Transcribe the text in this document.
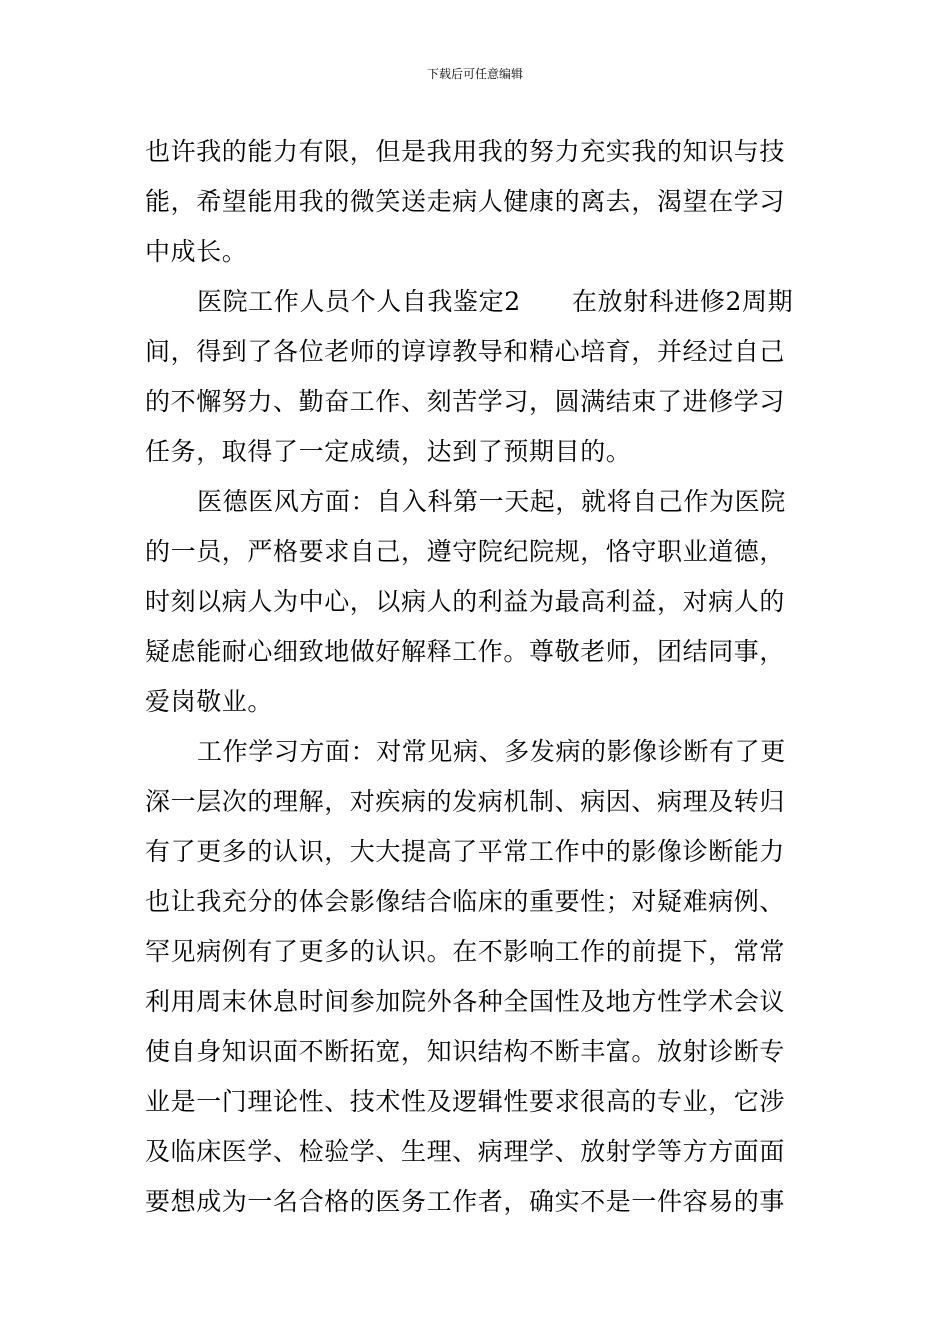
下载后可任意编辑
也许我的能力有限，但是我用我的努力充实我的知识与技
能，希望能用我的微笑送走病人健康的离去，渴望在学习
中成长。
医院工作人员个人自我鉴定2　　在放射科进修2周期
间，得到了各位老师的谆谆教导和精心培育，并经过自己
的不懈努力、勤奋工作、刻苦学习，圆满结束了进修学习
任务，取得了一定成绩，达到了预期目的。
医德医风方面：自入科第一天起，就将自己作为医院
的一员，严格要求自己，遵守院纪院规，恪守职业道德，
时刻以病人为中心，以病人的利益为最高利益，对病人的
疑虑能耐心细致地做好解释工作。尊敬老师，团结同事，
爱岗敬业。
工作学习方面：对常见病、多发病的影像诊断有了更
深一层次的理解，对疾病的发病机制、病因、病理及转归
有了更多的认识，大大提高了平常工作中的影像诊断能力
也让我充分的体会影像结合临床的重要性；对疑难病例、
罕见病例有了更多的认识。在不影响工作的前提下，常常
利用周末休息时间参加院外各种全国性及地方性学术会议
使自身知识面不断拓宽，知识结构不断丰富。放射诊断专
业是一门理论性、技术性及逻辑性要求很高的专业，它涉
及临床医学、检验学、生理、病理学、放射学等方方面面
要想成为一名合格的医务工作者，确实不是一件容易的事
